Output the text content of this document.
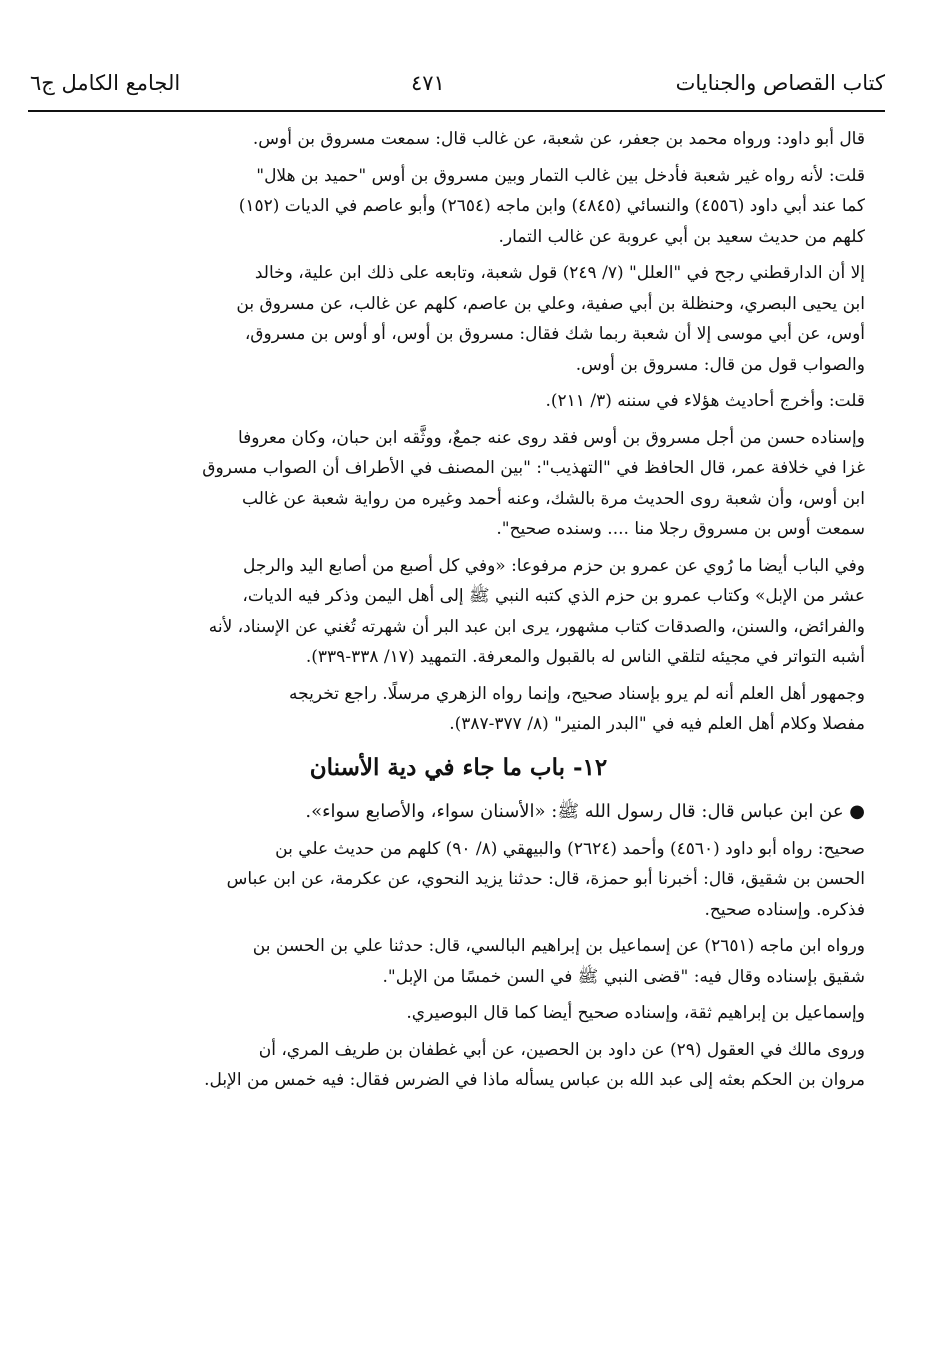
كتاب القصاص والجنايات
٤٧١
الجامع الكامل ج٦
قال أبو داود: ورواه محمد بن جعفر، عن شعبة، عن غالب قال: سمعت مسروق بن أوس.
قلت: لأنه رواه غير شعبة فأدخل بين غالب التمار وبين مسروق بن أوس "حميد بن هلال"
كما عند أبي داود (٤٥٥٦) والنسائي (٤٨٤٥) وابن ماجه (٢٦٥٤) وأبو عاصم في الديات (١٥٢)
كلهم من حديث سعيد بن أبي عروبة عن غالب التمار.
إلا أن الدارقطني رجح في "العلل" (٧/ ٢٤٩) قول شعبة، وتابعه على ذلك ابن علية، وخالد
ابن يحيى البصري، وحنظلة بن أبي صفية، وعلي بن عاصم، كلهم عن غالب، عن مسروق بن
أوس، عن أبي موسى إلا أن شعبة ربما شك فقال: مسروق بن أوس، أو أوس بن مسروق،
والصواب قول من قال: مسروق بن أوس.
قلت: وأخرج أحاديث هؤلاء في سننه (٣/ ٢١١).
وإسناده حسن من أجل مسروق بن أوس فقد روى عنه جمعٌ، ووثَّقه ابن حبان، وكان معروفا
غزا في خلافة عمر، قال الحافظ في "التهذيب": "بين المصنف في الأطراف أن الصواب مسروق
ابن أوس، وأن شعبة روى الحديث مرة بالشك، وعنه أحمد وغيره من رواية شعبة عن غالب
سمعت أوس بن مسروق رجلا منا .... وسنده صحيح".
وفي الباب أيضا ما رُوي عن عمرو بن حزم مرفوعا: «وفي كل أصبع من أصابع اليد والرجل
عشر من الإبل» وكتاب عمرو بن حزم الذي كتبه النبي ﷺ إلى أهل اليمن وذكر فيه الديات،
والفرائض، والسنن، والصدقات كتاب مشهور، يرى ابن عبد البر أن شهرته تُغني عن الإسناد، لأنه
أشبه التواتر في مجيئه لتلقي الناس له بالقبول والمعرفة. التمهيد (١٧/ ٣٣٨-٣٣٩).
وجمهور أهل العلم أنه لم يرو بإسناد صحيح، وإنما رواه الزهري مرسلًا. راجع تخريجه
مفصلا وكلام أهل العلم فيه في "البدر المنير" (٨/ ٣٧٧-٣٨٧).
١٢- باب ما جاء في دية الأسنان
● عن ابن عباس قال: قال رسول الله ﷺ: «الأسنان سواء، والأصابع سواء».
صحيح: رواه أبو داود (٤٥٦٠) وأحمد (٢٦٢٤) والبيهقي (٨/ ٩٠) كلهم من حديث علي بن
الحسن بن شقيق، قال: أخبرنا أبو حمزة، قال: حدثنا يزيد النحوي، عن عكرمة، عن ابن عباس
فذكره. وإسناده صحيح.
ورواه ابن ماجه (٢٦٥١) عن إسماعيل بن إبراهيم البالسي، قال: حدثنا علي بن الحسن بن
شقيق بإسناده وقال فيه: "قضى النبي ﷺ في السن خمسًا من الإبل".
وإسماعيل بن إبراهيم ثقة، وإسناده صحيح أيضا كما قال البوصيري.
وروى مالك في العقول (٢٩) عن داود بن الحصين، عن أبي غطفان بن طريف المري، أن
مروان بن الحكم بعثه إلى عبد الله بن عباس يسأله ماذا في الضرس فقال: فيه خمس من الإبل.
